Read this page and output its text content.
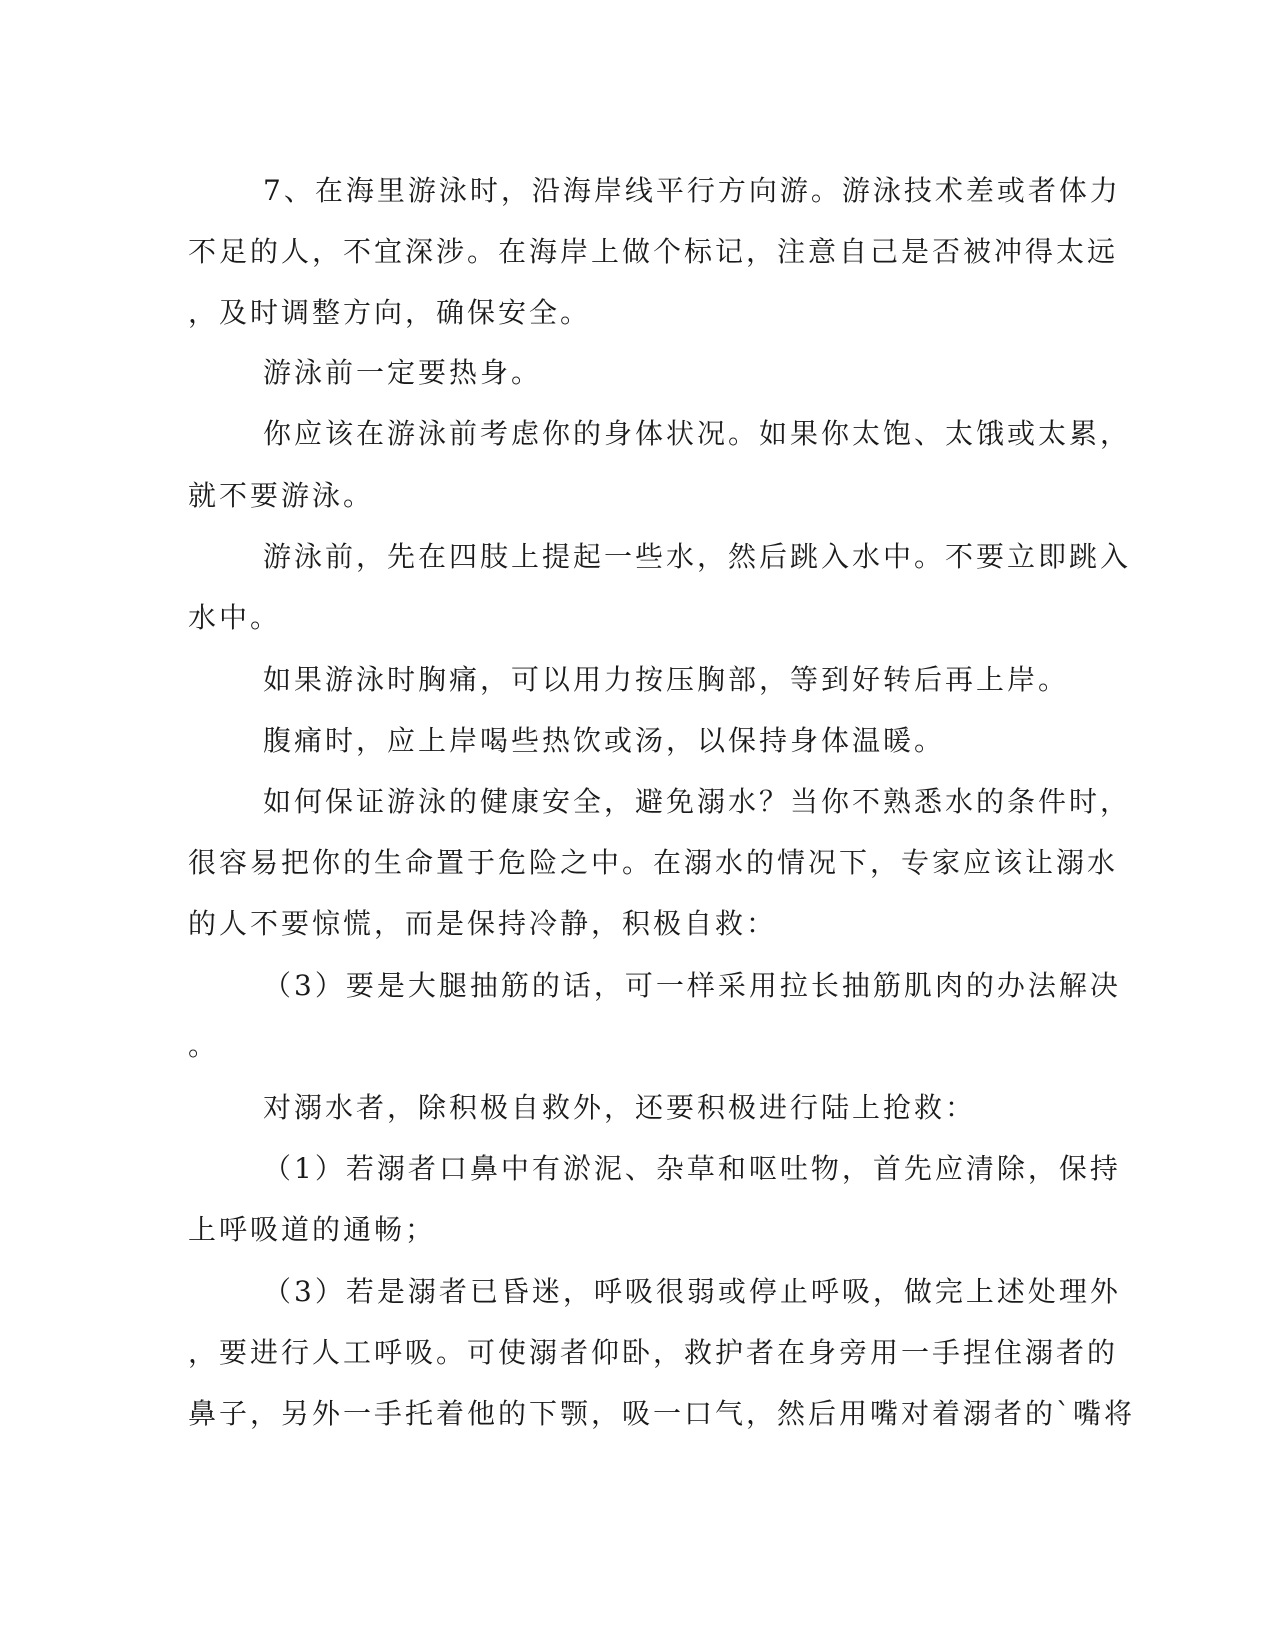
7、在海里游泳时，沿海岸线平行方向游。游泳技术差或者体力
不足的人，不宜深涉。在海岸上做个标记，注意自己是否被冲得太远
，及时调整方向，确保安全。
游泳前一定要热身。
你应该在游泳前考虑你的身体状况。如果你太饱、太饿或太累，
就不要游泳。
游泳前，先在四肢上提起一些水，然后跳入水中。不要立即跳入
水中。
如果游泳时胸痛，可以用力按压胸部，等到好转后再上岸。
腹痛时，应上岸喝些热饮或汤，以保持身体温暖。
如何保证游泳的健康安全，避免溺水？当你不熟悉水的条件时，
很容易把你的生命置于危险之中。在溺水的情况下，专家应该让溺水
的人不要惊慌，而是保持冷静，积极自救：
（3）要是大腿抽筋的话，可一样采用拉长抽筋肌肉的办法解决
。
对溺水者，除积极自救外，还要积极进行陆上抢救：
（1）若溺者口鼻中有淤泥、杂草和呕吐物，首先应清除，保持
上呼吸道的通畅；
（3）若是溺者已昏迷，呼吸很弱或停止呼吸，做完上述处理外
，要进行人工呼吸。可使溺者仰卧，救护者在身旁用一手捏住溺者的
鼻子，另外一手托着他的下颚，吸一口气，然后用嘴对着溺者的`嘴将
